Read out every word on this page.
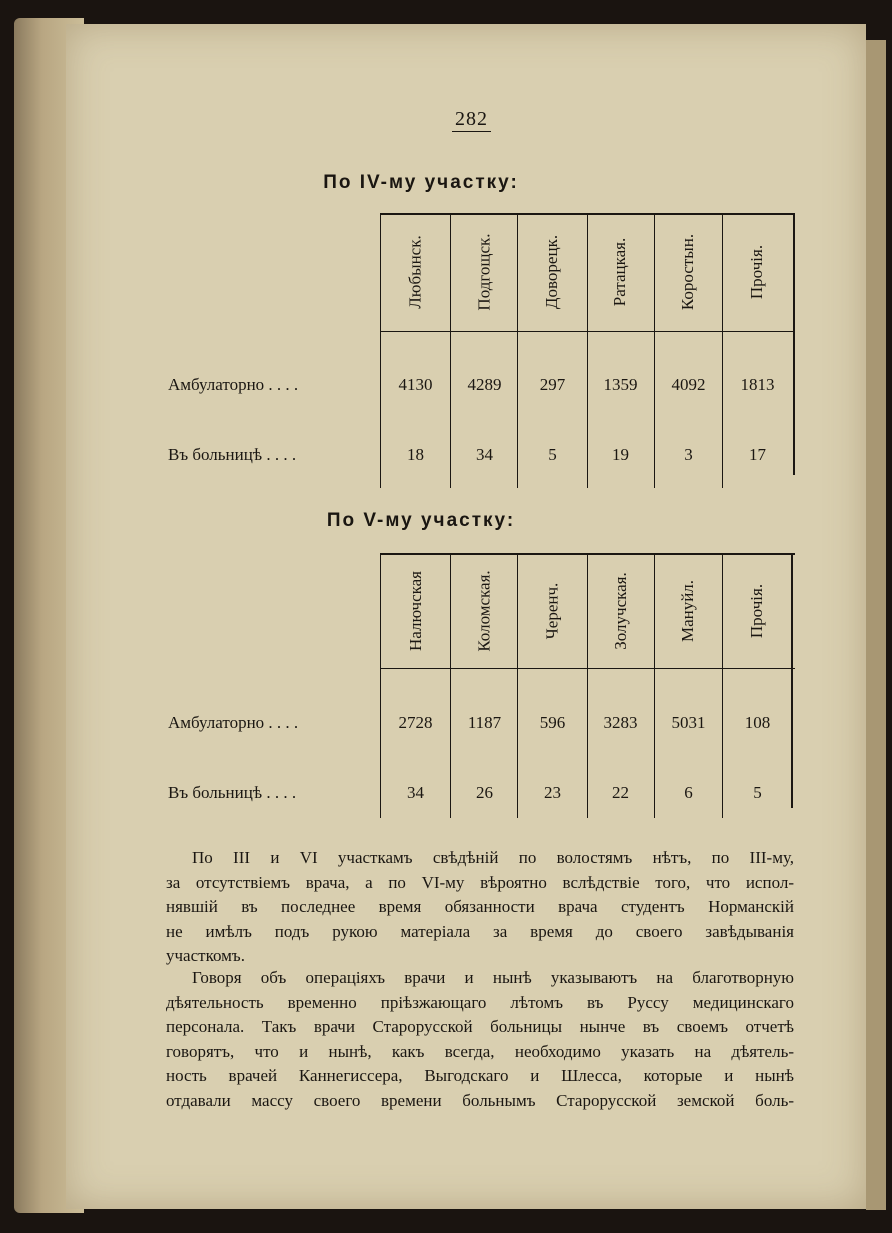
282
По IV-му участку:
Любынск.	Подгощск.	Доворецк.	Ратацкая.	Коростын.	Прочія.
Амбулаторно . . . .	4130	4289	297	1359	4092	1813
Въ больницѣ . . . .	18	34	5	19	3	17
По V-му участку:
Налючская	Коломская.	Черенч.	Золучская.	Мануйл.	Прочія.
Амбулаторно . . . .	2728	1187	596	3283	5031	108
Въ больницѣ . . . .	34	26	23	22	6	5
По III и VI участкамъ свѣдѣній по волостямъ нѣтъ, по III-му,
за отсутствіемъ врача, а по VI-му вѣроятно вслѣдствіе того, что испол-
нявшій въ последнее время обязанности врача студентъ Норманскій
не имѣлъ подъ рукою матеріала за время до своего завѣдыванія
участкомъ.
Говоря объ операціяхъ врачи и нынѣ указываютъ на благотворную
дѣятельность временно пріѣзжающаго лѣтомъ въ Руссу медицинскаго
персонала. Такъ врачи Старорусской больницы нынче въ своемъ отчетѣ
говорятъ, что и нынѣ, какъ всегда, необходимо указать на дѣятель-
ность врачей Каннегиссера, Выгодскаго и Шлесса, которые и нынѣ
отдавали массу своего времени больнымъ Старорусской земской боль-
